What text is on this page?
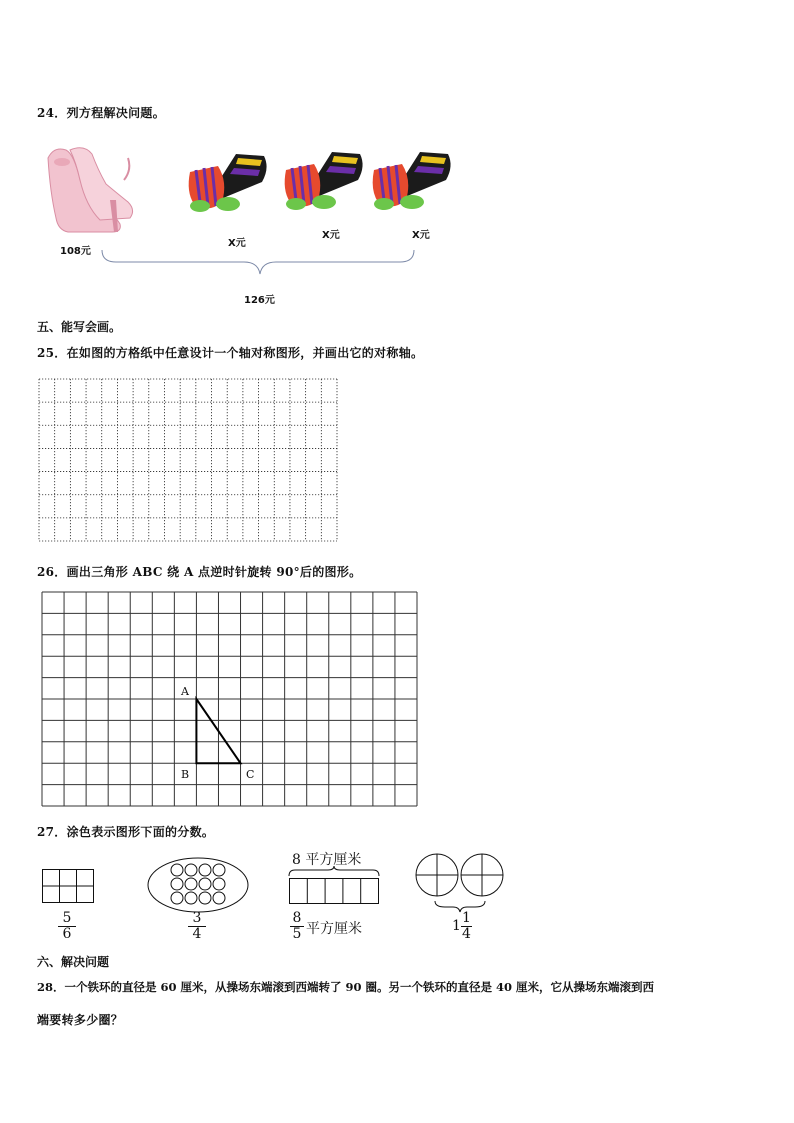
24．列方程解决问题。
108元
X元
X元	X元
126元
五、能写会画。
25．在如图的方格纸中任意设计一个轴对称图形，并画出它的对称轴。
26．画出三角形 ABC 绕 A 点逆时针旋转 90°后的图形。
A
B	C
27．涂色表示图形下面的分数。
$\frac{5}{6}$	$\frac{3}{4}$
8 平方厘米
$\frac{8}{5}$ 平方厘米	$1 \frac{1}{4}$
六、解决问题
28．一个铁环的直径是 60 厘米，从操场东端滚到西端转了 90 圈。另一个铁环的直径是 40 厘米，它从操场东端滚到西
端要转多少圈？
